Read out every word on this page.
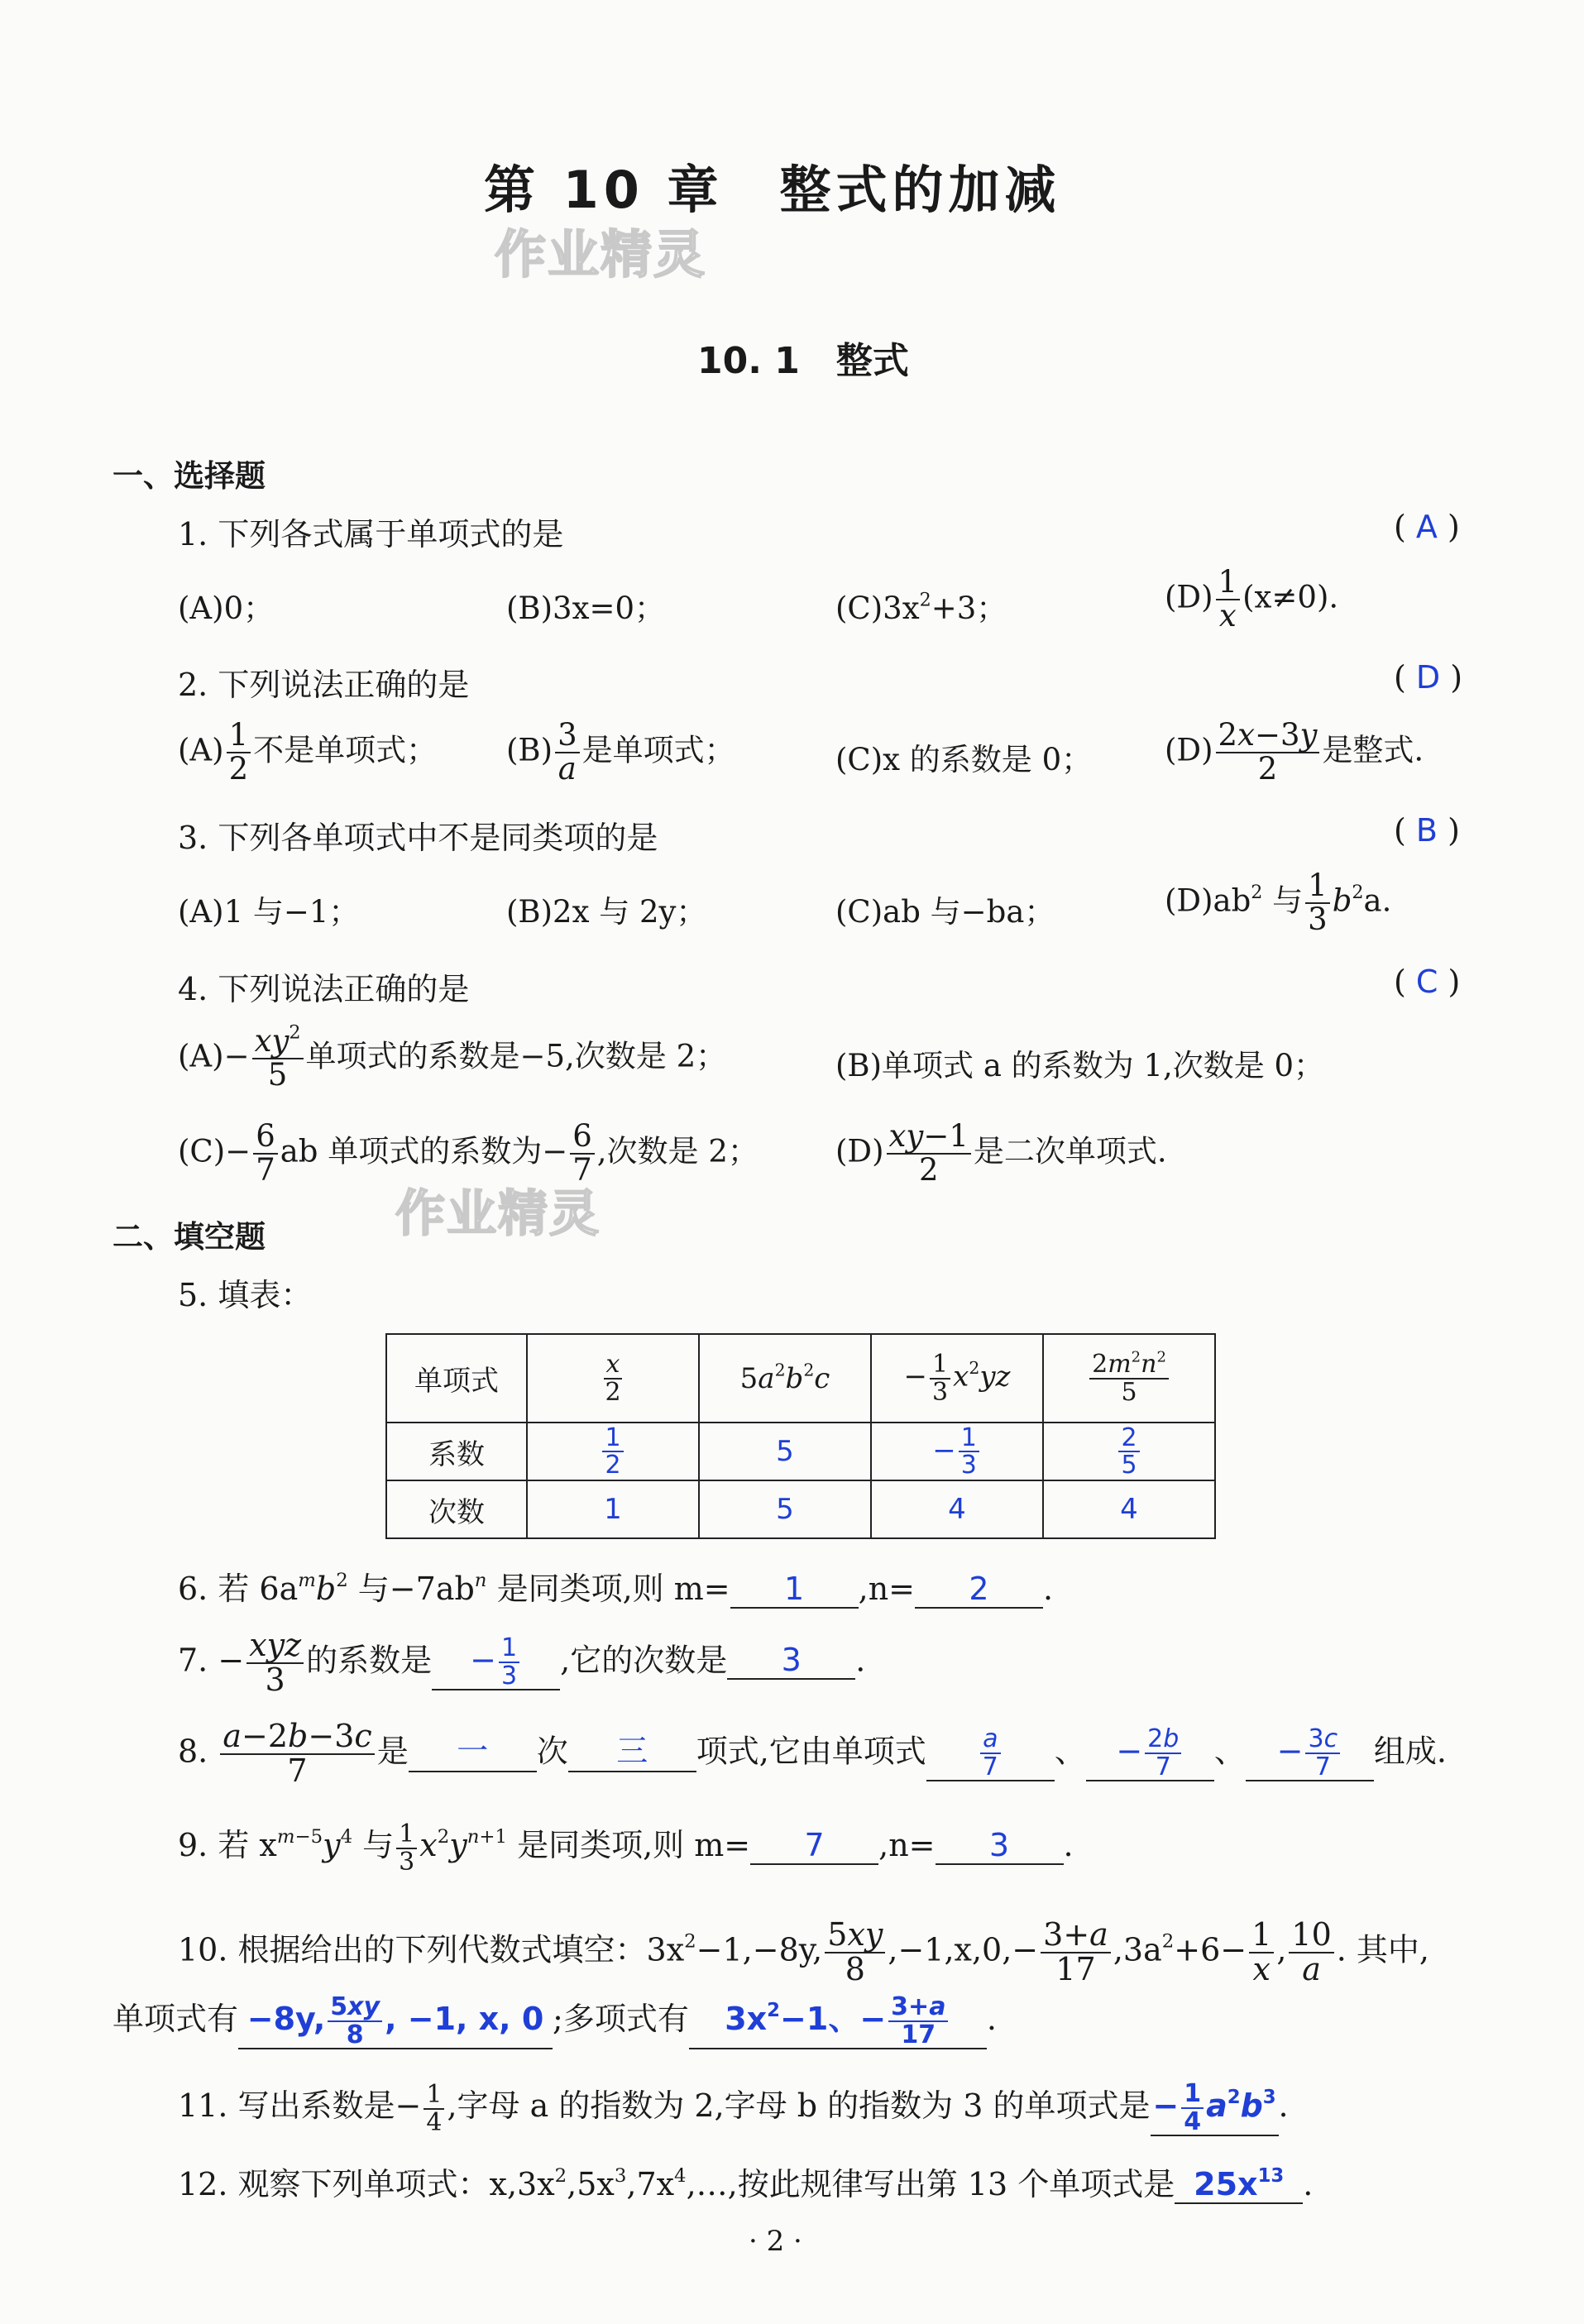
第 10 章　整式的加减
作业精灵
10. 1　整式
一、选择题
1. 下列各式属于单项式的是	( A )
(A)0；	(B)3x=0；	$(C)3x^2+3$；	$(D) \frac{1}{x} (x\ne 0)$.
2. 下列说法正确的是	( D )
$(A) \frac{1}{2}$ 不是单项式； $(B) \frac{3}{a}$ 是单项式；	(C)x 的系数是 0； $(D) \frac{2x-3y}{2}$ 是整式.
3. 下列各单项式中不是同类项的是	( B )
(A)1 与−1；	(B)2x 与 2y；	(C)ab 与−ba；	$(D)ab^2$ 与 $\frac{1}{3} b^2a$.
4. 下列说法正确的是	( C )
$(A)- \frac{xy^2}{5}$ 单项式的系数是−5,次数是 2；	(B)单项式 a 的系数为 1,次数是 0；
$(C)- \frac{6}{7}$ ab 单项式的系数为− $\frac{6}{7}$ ,次数是 2；	$(D) \frac{xy-1}{2}$ 是二次单项式.
作业精灵
二、填空题
5. 填表：
单项式	$\frac{x}{2}$	$5a^2b^2c$	− $\frac{1}{3} x^2yz$	$\frac{2m^2n^2}{5}$

系数	$\frac{1}{2}$	5	− $\frac{1}{3}$	$\frac{2}{5}$

次数	1	5	4	4
6. 若 $6a^mb^2$ 与$-7ab^n$ 是同类项,则 m= 1 ,n= 2 .
7. − $\frac{\text{xyz}}{3}$ 的系数是 − $\frac{1}{3}$ ,它的次数是 3 .
8. $\frac{a-2b-3c}{7}$ 是 一 次 三 项式,它由单项式 $\frac{a}{7}$ 、 − $\frac{2b}{7}$ 、 − $\frac{3c}{7}$ 组成.
9. 若 $x^{m-5}y^4$ 与 $\frac{1}{3} x^2y^{n+1}$ 是同类项,则 m= 7 ,n= 3 .
10. 根据给出的下列代数式填空：$3x^2-1,-8y$, $\frac{5xy}{8} ,-1,x,0,- \frac{3+a}{17} ,3a^2+6- \frac{1}{x}$ , $\frac{10}{a}$ . 其中,
单项式有 −8y, $\frac{5xy}{8}$ , −1, x, 0 ;多项式有 $3x^2-1$、− $\frac{3+a}{17}$ .
11. 写出系数是− $\frac{1}{4}$ ,字母 a 的指数为 2,字母 b 的指数为 3 的单项式是− $\frac{1}{4} a^2b^3$.
12. 观察下列单项式：$x,3x^2,5x^3,7x^4,\dots$,按此规律写出第 13 个单项式是 $25x^{13}$ .
· 2 ·
